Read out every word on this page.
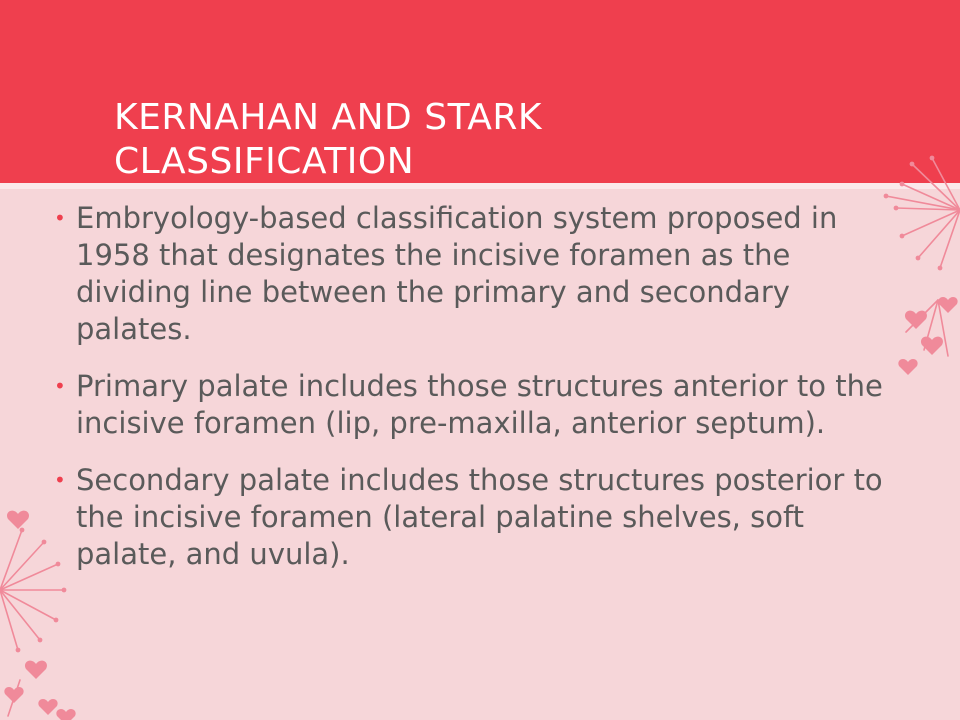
KERNAHAN AND STARK CLASSIFICATION
• Embryology-based classification system proposed in 1958 that designates the incisive foramen as the dividing line between the primary and secondary palates.
• Primary palate includes those structures anterior to the incisive foramen (lip, pre-maxilla, anterior septum).
• Secondary palate includes those structures posterior to the incisive foramen (lateral palatine shelves, soft palate, and uvula).
